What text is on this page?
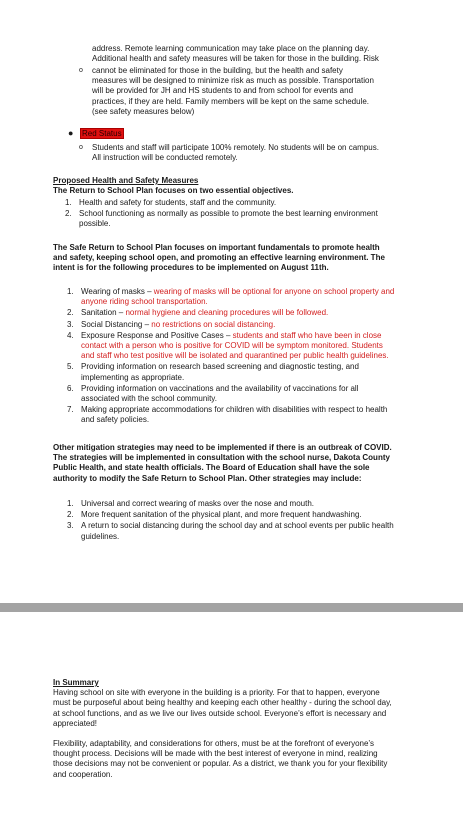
address. Remote learning communication may take place on the planning day.
Additional health and safety measures will be taken for those in the building. Risk
o cannot be eliminated for those in the building, but the health and safety
measures will be designed to minimize risk as much as possible. Transportation
will be provided for JH and HS students to and from school for events and
practices, if they are held. Family members will be kept on the same schedule.
(see safety measures below)
● Red Status
o Students and staff will participate 100% remotely. No students will be on campus.
All instruction will be conducted remotely.
Proposed Health and Safety Measures
The Return to School Plan focuses on two essential objectives.
1. Health and safety for students, staff and the community.
2. School functioning as normally as possible to promote the best learning environment
possible.
The Safe Return to School Plan focuses on important fundamentals to promote health
and safety, keeping school open, and promoting an effective learning environment. The
intent is for the following procedures to be implemented on August 11th.
1. Wearing of masks – wearing of masks will be optional for anyone on school property and
anyone riding school transportation.
2. Sanitation – normal hygiene and cleaning procedures will be followed.
3. Social Distancing – no restrictions on social distancing.
4. Exposure Response and Positive Cases – students and staff who have been in close
contact with a person who is positive for COVID will be symptom monitored. Students
and staff who test positive will be isolated and quarantined per public health guidelines.
5. Providing information on research based screening and diagnostic testing, and
implementing as appropriate.
6. Providing information on vaccinations and the availability of vaccinations for all
associated with the school community.
7. Making appropriate accommodations for children with disabilities with respect to health
and safety policies.
Other mitigation strategies may need to be implemented if there is an outbreak of COVID.
The strategies will be implemented in consultation with the school nurse, Dakota County
Public Health, and state health officials. The Board of Education shall have the sole
authority to modify the Safe Return to School Plan. Other strategies may include:
1. Universal and correct wearing of masks over the nose and mouth.
2. More frequent sanitation of the physical plant, and more frequent handwashing.
3. A return to social distancing during the school day and at school events per public health
guidelines.
In Summary
Having school on site with everyone in the building is a priority. For that to happen, everyone
must be purposeful about being healthy and keeping each other healthy - during the school day,
at school functions, and as we live our lives outside school. Everyone’s effort is necessary and
appreciated!
Flexibility, adaptability, and considerations for others, must be at the forefront of everyone’s
thought process. Decisions will be made with the best interest of everyone in mind, realizing
those decisions may not be convenient or popular. As a district, we thank you for your flexibility
and cooperation.
